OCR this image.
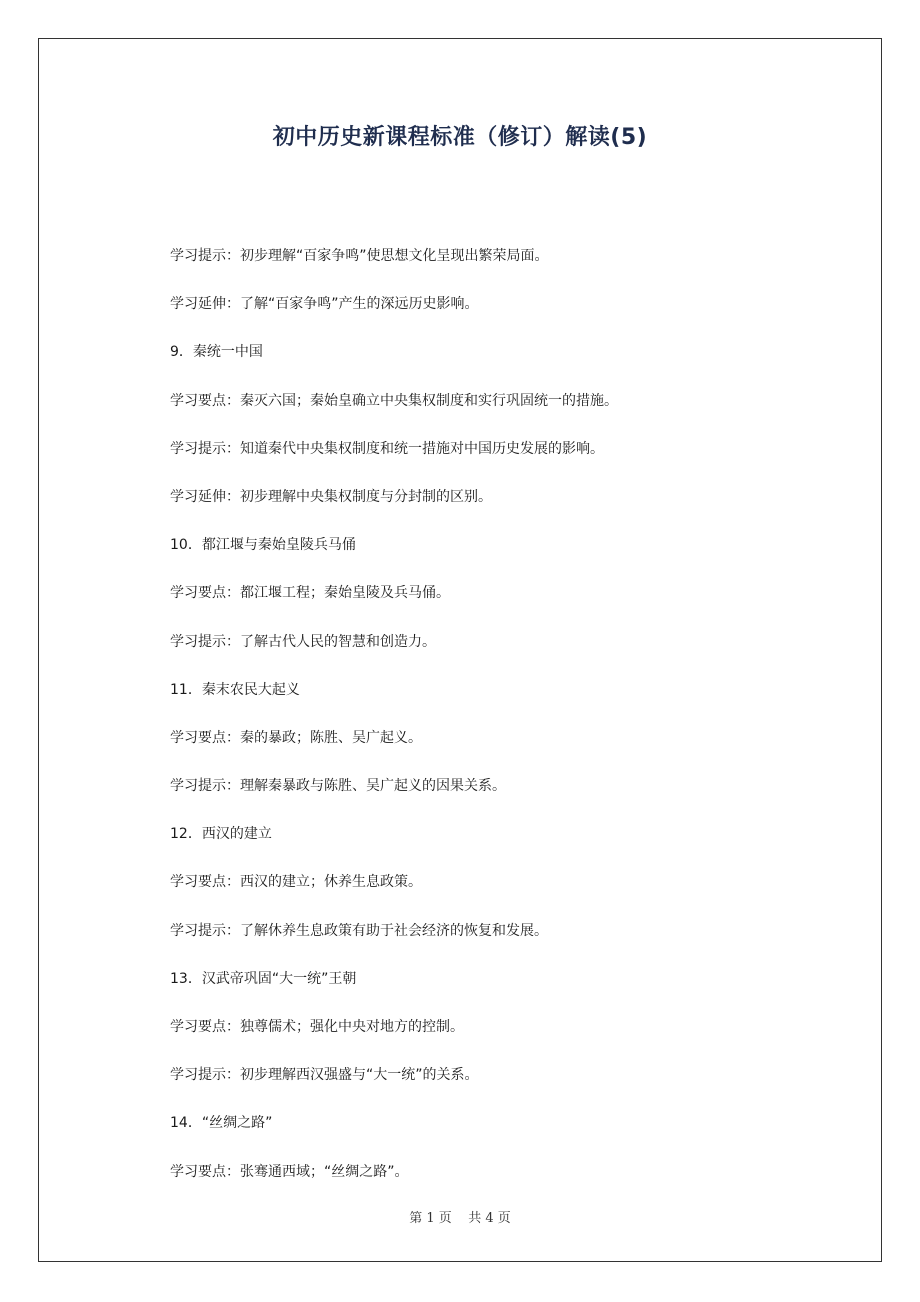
初中历史新课程标准（修订）解读(5)
学习提示：初步理解“百家争鸣”使思想文化呈现出繁荣局面。
学习延伸：了解“百家争鸣”产生的深远历史影响。
9．秦统一中国
学习要点：秦灭六国；秦始皇确立中央集权制度和实行巩固统一的措施。
学习提示：知道秦代中央集权制度和统一措施对中国历史发展的影响。
学习延伸：初步理解中央集权制度与分封制的区别。
10．都江堰与秦始皇陵兵马俑
学习要点：都江堰工程；秦始皇陵及兵马俑。
学习提示：了解古代人民的智慧和创造力。
11．秦末农民大起义
学习要点：秦的暴政；陈胜、吴广起义。
学习提示：理解秦暴政与陈胜、吴广起义的因果关系。
12．西汉的建立
学习要点：西汉的建立；休养生息政策。
学习提示：了解休养生息政策有助于社会经济的恢复和发展。
13．汉武帝巩固“大一统”王朝
学习要点：独尊儒术；强化中央对地方的控制。
学习提示：初步理解西汉强盛与“大一统”的关系。
14．“丝绸之路”
学习要点：张骞通西域；“丝绸之路”。
第 1 页    共 4 页
